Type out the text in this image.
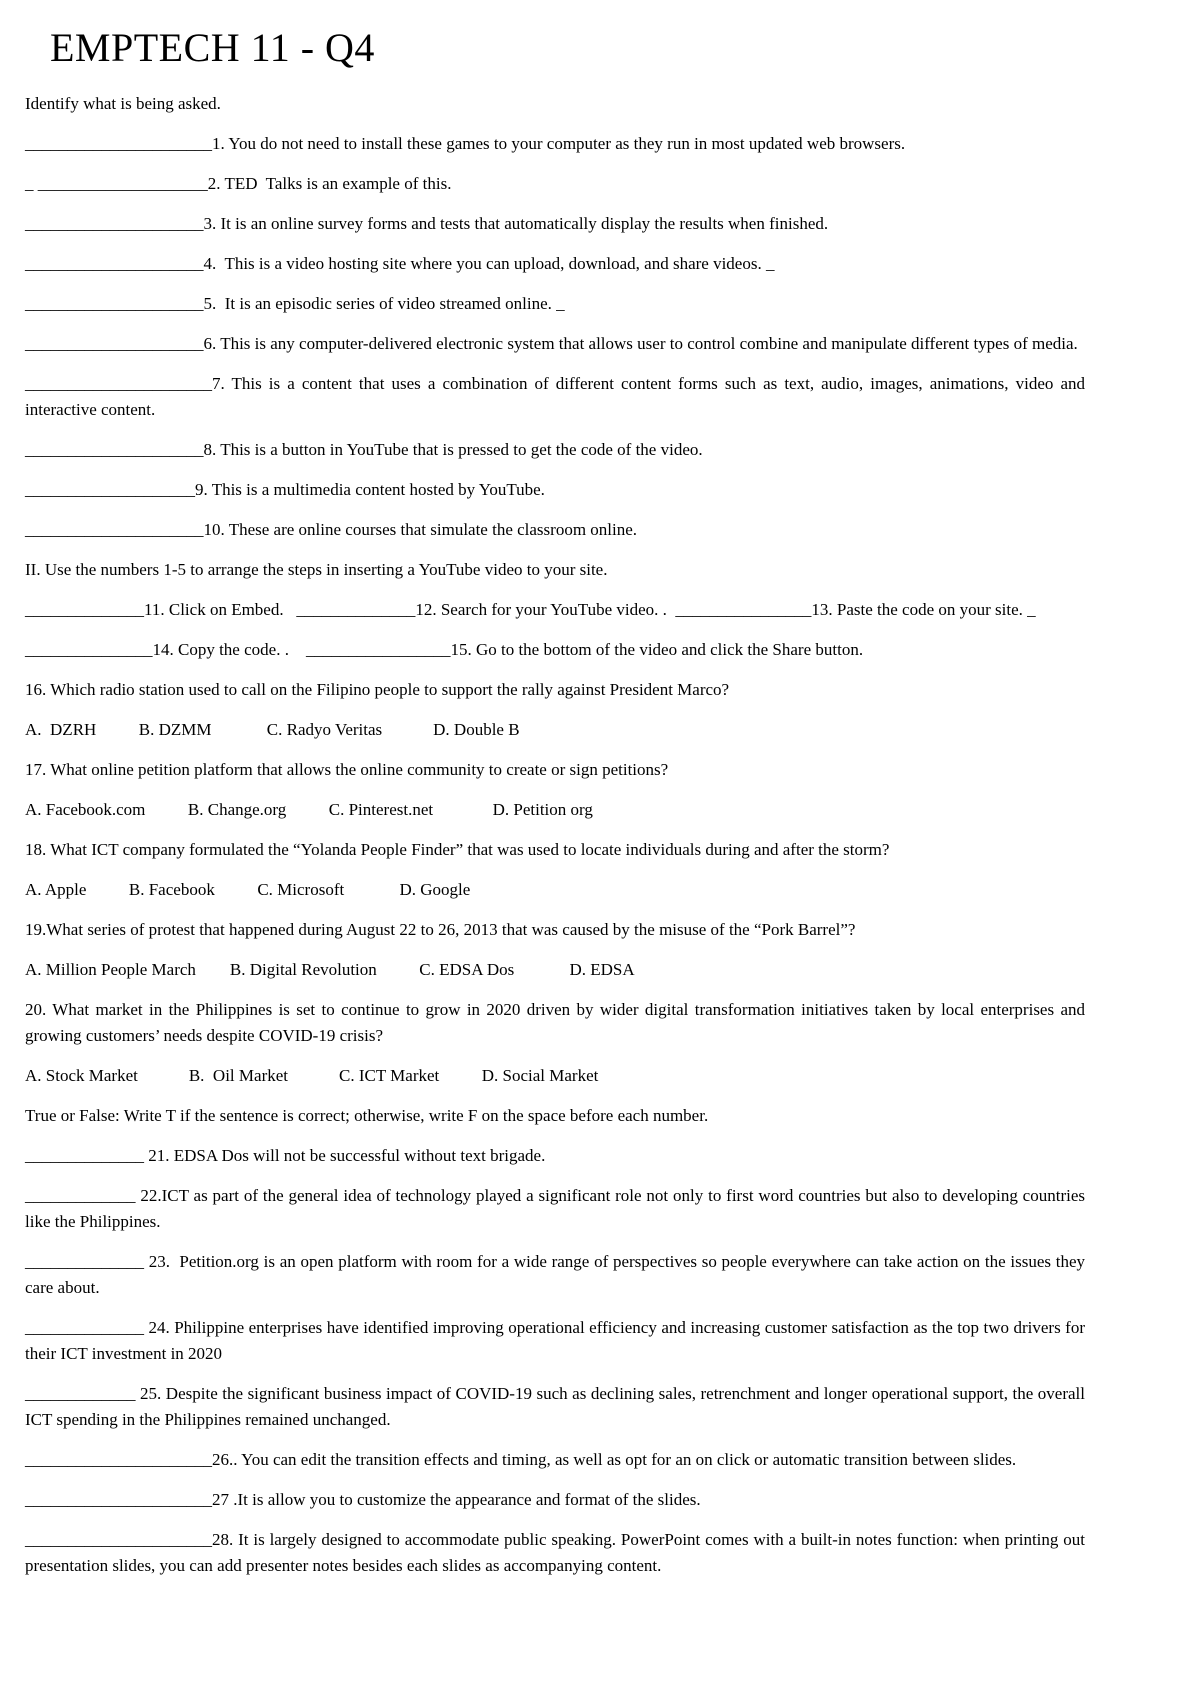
EMPTECH 11 - Q4

Identify what is being asked.

______________________1. You do not need to install these games to your computer as they run in most updated web browsers.

_ ____________________2. TED  Talks is an example of this.

_____________________3. It is an online survey forms and tests that automatically display the results when finished.

_____________________4.  This is a video hosting site where you can upload, download, and share videos. _

_____________________5.  It is an episodic series of video streamed online. _

_____________________6. This is any computer-delivered electronic system that allows user to control combine and manipulate different types of media.

______________________7. This is a content that uses a combination of different content forms such as text, audio, images, animations, video and interactive content.

_____________________8. This is a button in YouTube that is pressed to get the code of the video.

____________________9. This is a multimedia content hosted by YouTube.

_____________________10. These are online courses that simulate the classroom online.

II. Use the numbers 1-5 to arrange the steps in inserting a YouTube video to your site.

______________11. Click on Embed.   ______________12. Search for your YouTube video. .  ________________13. Paste the code on your site. _

_______________14. Copy the code. .    _________________15. Go to the bottom of the video and click the Share button.

16. Which radio station used to call on the Filipino people to support the rally against President Marco?

A.  DZRH          B. DZMM             C. Radyo Veritas            D. Double B

17. What online petition platform that allows the online community to create or sign petitions?

A. Facebook.com          B. Change.org          C. Pinterest.net              D. Petition org

18. What ICT company formulated the “Yolanda People Finder” that was used to locate individuals during and after the storm?

A. Apple          B. Facebook          C. Microsoft             D. Google

19.What series of protest that happened during August 22 to 26, 2013 that was caused by the misuse of the “Pork Barrel”?

A. Million People March        B. Digital Revolution          C. EDSA Dos             D. EDSA

20. What market in the Philippines is set to continue to grow in 2020 driven by wider digital transformation initiatives taken by local enterprises and growing customers’ needs despite COVID-19 crisis?

A. Stock Market            B.  Oil Market            C. ICT Market          D. Social Market

True or False: Write T if the sentence is correct; otherwise, write F on the space before each number.

______________ 21. EDSA Dos will not be successful without text brigade.

_____________ 22.ICT as part of the general idea of technology played a significant role not only to first word countries but also to developing countries like the Philippines.

______________ 23.  Petition.org is an open platform with room for a wide range of perspectives so people everywhere can take action on the issues they care about.

______________ 24. Philippine enterprises have identified improving operational efficiency and increasing customer satisfaction as the top two drivers for their ICT investment in 2020

_____________ 25. Despite the significant business impact of COVID-19 such as declining sales, retrenchment and longer operational support, the overall ICT spending in the Philippines remained unchanged.

______________________26.. You can edit the transition effects and timing, as well as opt for an on click or automatic transition between slides.

______________________27 .It is allow you to customize the appearance and format of the slides.

______________________28. It is largely designed to accommodate public speaking. PowerPoint comes with a built-in notes function: when printing out presentation slides, you can add presenter notes besides each slides as accompanying content.
